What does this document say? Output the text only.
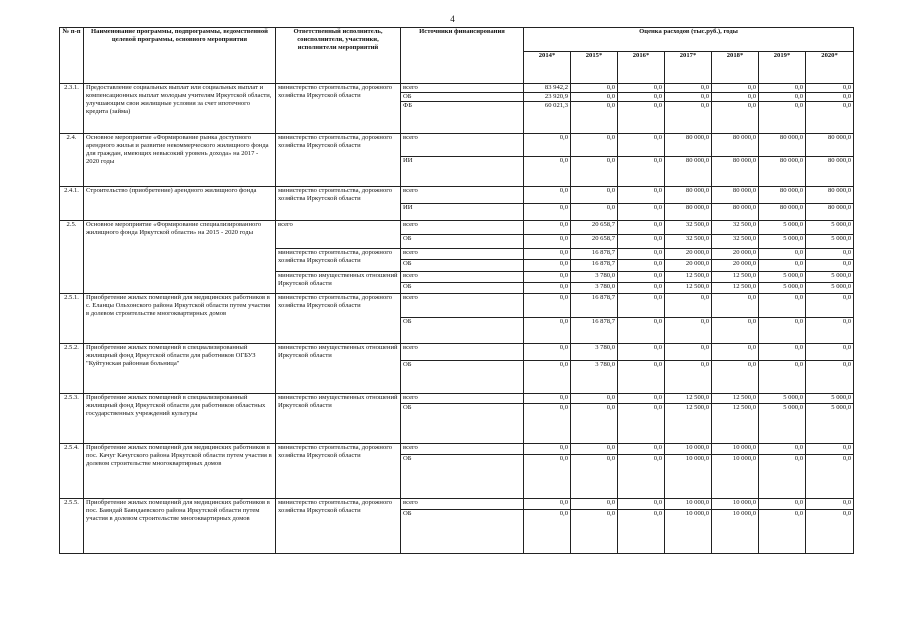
4
№ п-п	Наименование программы, подпрограммы, ведомственной целевой программы, основного мероприятия	Ответственный исполнитель, соисполнители, участники, исполнители мероприятий	Источники финансирования	Оценка расходов (тыс.руб.), годы						
				2014*	2015*	2016*	2017*	2018*	2019*	2020*
2.3.1.	Предоставление социальных выплат или социальных выплат и компенсационных выплат молодым учителям Иркутской области, улучшающим свои жилищные условия за счет ипотечного кредита (займа)	министерство строительства, дорожного хозяйства Иркутской области	всего	83 942,2	0,0	0,0	0,0	0,0	0,0	0,0
			ОБ	23 920,9	0,0	0,0	0,0	0,0	0,0	0,0
			ФБ	60 021,3	0,0	0,0	0,0	0,0	0,0	0,0
2.4.	Основное мероприятие «Формирование рынка доступного арендного жилья и развитие некоммерческого жилищного фонда для граждан, имеющих невысокий уровень дохода» на 2017 - 2020 годы	министерство строительства, дорожного хозяйства Иркутской области	всего	0,0	0,0	0,0	80 000,0	80 000,0	80 000,0	80 000,0
			ИИ	0,0	0,0	0,0	80 000,0	80 000,0	80 000,0	80 000,0
2.4.1.	Строительство (приобретение) арендного жилищного фонда	министерство строительства, дорожного хозяйства Иркутской области	всего	0,0	0,0	0,0	80 000,0	80 000,0	80 000,0	80 000,0
			ИИ	0,0	0,0	0,0	80 000,0	80 000,0	80 000,0	80 000,0
2.5.	Основное мероприятие «Формирование специализированного жилищного фонда Иркутской области» на 2015 - 2020 годы	всего	всего	0,0	20 658,7	0,0	32 500,0	32 500,0	5 000,0	5 000,0
			ОБ	0,0	20 658,7	0,0	32 500,0	32 500,0	5 000,0	5 000,0
		министерство строительства, дорожного хозяйства Иркутской области	всего	0,0	16 878,7	0,0	20 000,0	20 000,0	0,0	0,0
			ОБ	0,0	16 878,7	0,0	20 000,0	20 000,0	0,0	0,0
		министерство имущественных отношений Иркутской области	всего	0,0	3 780,0	0,0	12 500,0	12 500,0	5 000,0	5 000,0
			ОБ	0,0	3 780,0	0,0	12 500,0	12 500,0	5 000,0	5 000,0
2.5.1.	Приобретение жилых помещений для медицинских работников в с. Еланцы Ольхонского района Иркутской области путем участия в долевом строительстве многоквартирных домов	министерство строительства, дорожного хозяйства Иркутской области	всего	0,0	16 878,7	0,0	0,0	0,0	0,0	0,0
			ОБ	0,0	16 878,7	0,0	0,0	0,0	0,0	0,0
2.5.2.	Приобретение жилых помещений в специализированный жилищный фонд Иркутской области для работников ОГБУЗ "Куйтунская районная больница"	министерство имущественных отношений Иркутской области	всего	0,0	3 780,0	0,0	0,0	0,0	0,0	0,0
			ОБ	0,0	3 780,0	0,0	0,0	0,0	0,0	0,0
2.5.3.	Приобретение жилых помещений в специализированный жилищный фонд Иркутской области для работников областных государственных учреждений культуры	министерство имущественных отношений Иркутской области	всего	0,0	0,0	0,0	12 500,0	12 500,0	5 000,0	5 000,0
			ОБ	0,0	0,0	0,0	12 500,0	12 500,0	5 000,0	5 000,0
2.5.4.	Приобретение жилых помещений для медицинских работников в пос. Качуг Качугского района Иркутской области путем участия в долевом строительстве многоквартирных домов	министерство строительства, дорожного хозяйства Иркутской области	всего	0,0	0,0	0,0	10 000,0	10 000,0	0,0	0,0
			ОБ	0,0	0,0	0,0	10 000,0	10 000,0	0,0	0,0
2.5.5.	Приобретение жилых помещений для медицинских работников в пос. Баяндай Баяндаевского района Иркутской области путем участия в долевом строительстве многоквартирных домов	министерство строительства, дорожного хозяйства Иркутской области	всего	0,0	0,0	0,0	10 000,0	10 000,0	0,0	0,0
			ОБ	0,0	0,0	0,0	10 000,0	10 000,0	0,0	0,0
